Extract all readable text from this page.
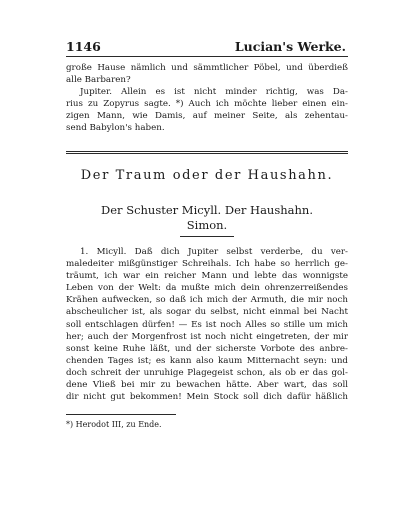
1146	Lucian's Werke.
große Hause nämlich und sämmtlicher Pöbel, und überdieß
alle Barbaren?
Jupiter. Allein es ist nicht minder richtig, was Da-
rius zu Zopyrus sagte. *) Auch ich möchte lieber einen ein-
zigen Mann, wie Damis, auf meiner Seite, als zehentau-
send Babylon's haben.
Der Traum oder der Haushahn.
Der Schuster Micyll. Der Haushahn.
Simon.
1. Micyll. Daß dich Jupiter selbst verderbe, du ver-
maledeiter mißgünstiger Schreihals. Ich habe so herrlich ge-
träumt, ich war ein reicher Mann und lebte das wonnigste
Leben von der Welt: da mußte mich dein ohrenzerreißendes
Krähen aufwecken, so daß ich mich der Armuth, die mir noch
abscheulicher ist, als sogar du selbst, nicht einmal bei Nacht
soll entschlagen dürfen! — Es ist noch Alles so stille um mich
her; auch der Morgenfrost ist noch nicht eingetreten, der mir
sonst keine Ruhe läßt, und der sicherste Vorbote des anbre-
chenden Tages ist; es kann also kaum Mitternacht seyn: und
doch schreit der unruhige Plagegeist schon, als ob er das gol-
dene Vließ bei mir zu bewachen hätte. Aber wart, das soll
dir nicht gut bekommen! Mein Stock soll dich dafür häßlich
*) Herodot III, zu Ende.
